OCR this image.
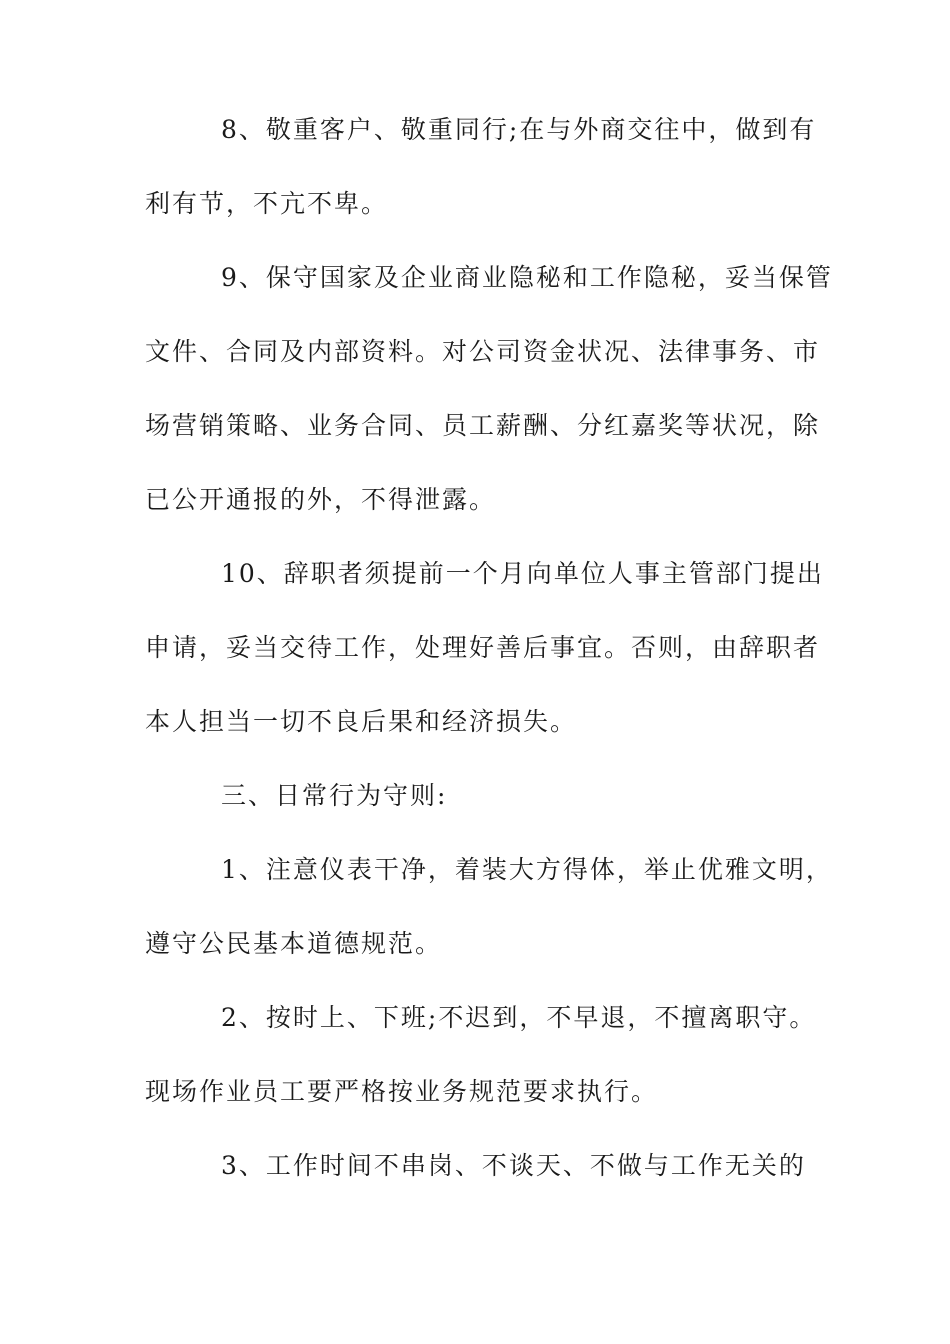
8、敬重客户、敬重同行;在与外商交往中，做到有
利有节，不亢不卑。
9、保守国家及企业商业隐秘和工作隐秘，妥当保管
文件、合同及内部资料。对公司资金状况、法律事务、市
场营销策略、业务合同、员工薪酬、分红嘉奖等状况，除
已公开通报的外，不得泄露。
10、辞职者须提前一个月向单位人事主管部门提出
申请，妥当交待工作，处理好善后事宜。否则，由辞职者
本人担当一切不良后果和经济损失。
三、日常行为守则:
1、注意仪表干净，着装大方得体，举止优雅文明，
遵守公民基本道德规范。
2、按时上、下班;不迟到，不早退，不擅离职守。
现场作业员工要严格按业务规范要求执行。
3、工作时间不串岗、不谈天、不做与工作无关的
